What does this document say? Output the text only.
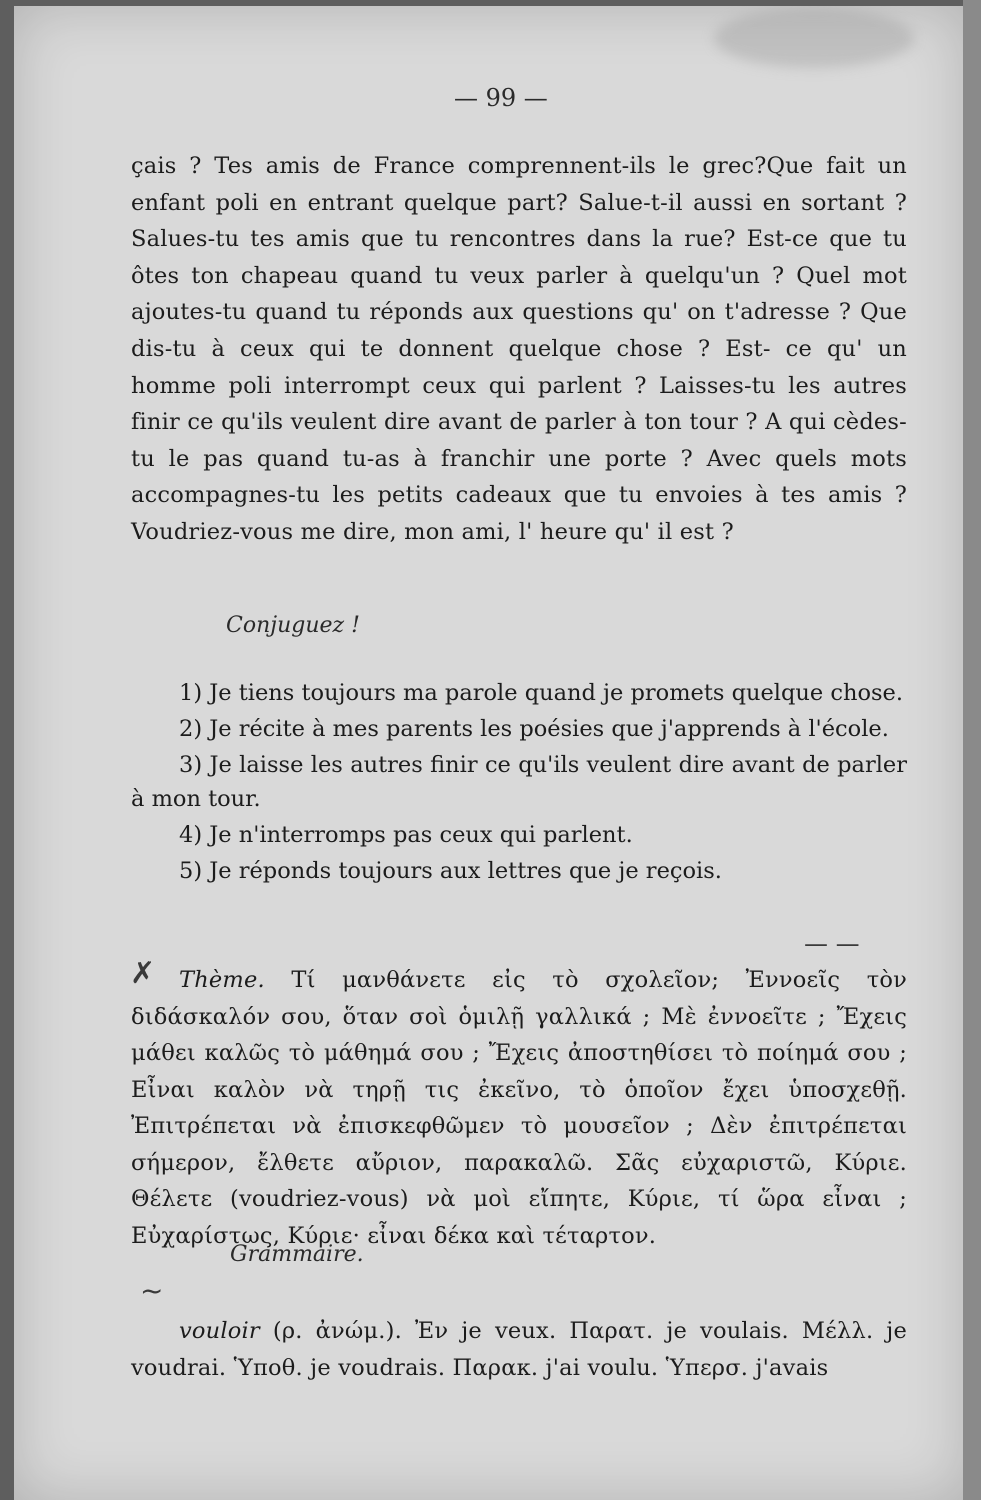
— 99 —

çais ? Tes amis de France comprennent-ils le grec?Que fait un enfant poli en entrant quelque part? Salue-t-il aussi en sortant ? Salues-tu tes amis que tu rencontres dans la rue? Est-ce que tu ôtes ton chapeau quand tu veux parler à quelqu'un ? Quel mot ajoutes-tu quand tu réponds aux questions qu' on t'adresse ? Que dis-tu à ceux qui te donnent quelque chose ? Est- ce qu' un homme poli interrompt ceux qui parlent ? Laisses-tu les autres finir ce qu'ils veulent dire avant de parler à ton tour ? A qui cèdes-tu le pas quand tu-as à franchir une porte ? Avec quels mots accompagnes-tu les petits cadeaux que tu envoies à tes amis ? Voudriez-vous me dire, mon ami, l' heure qu' il est ?

Conjuguez !

1) Je tiens toujours ma parole quand je promets quelque chose.

2) Je récite à mes parents les poésies que j'apprends à l'école.

3) Je laisse les autres finir ce qu'ils veulent dire avant de parler à mon tour.

4) Je n'interromps pas ceux qui parlent.

5) Je réponds toujours aux lettres que je reçois.

✗
— —

Thème. Τί μανθάνετε εἰς τὸ σχολεῖον; Ἐννοεῖς τὸν διδάσκαλόν σου, ὅταν σοὶ ὁμιλῇ γαλλικά ; Μὲ ἐννοεῖτε ; Ἔχεις μάθει καλῶς τὸ μάθημά σου ; Ἔχεις ἀποστηθίσει τὸ ποίημά σου ; Εἶναι καλὸν νὰ τηρῇ τις ἐκεῖνο, τὸ ὁποῖον ἔχει ὑποσχεθῇ. Ἐπιτρέπεται νὰ ἐπισκεφθῶμεν τὸ μουσεῖον ; Δὲν ἐπιτρέπεται σήμερον, ἔλθετε αὔριον, παρακαλῶ. Σᾶς εὐχαριστῶ, Κύριε. Θέλετε (voudriez-vous) νὰ μοὶ εἴπητε, Κύριε, τί ὥρα εἶναι ; Εὐχαρίστως, Κύριε· εἶναι δέκα καὶ τέταρτον.

Grammaire.
~

vouloir (ρ. ἀνώμ.). Ἐν je veux. Παρατ. je voulais. Μέλλ. je voudrai. Ὑποθ. je voudrais. Παρακ. j'ai voulu. Ὑπερσ. j'avais
